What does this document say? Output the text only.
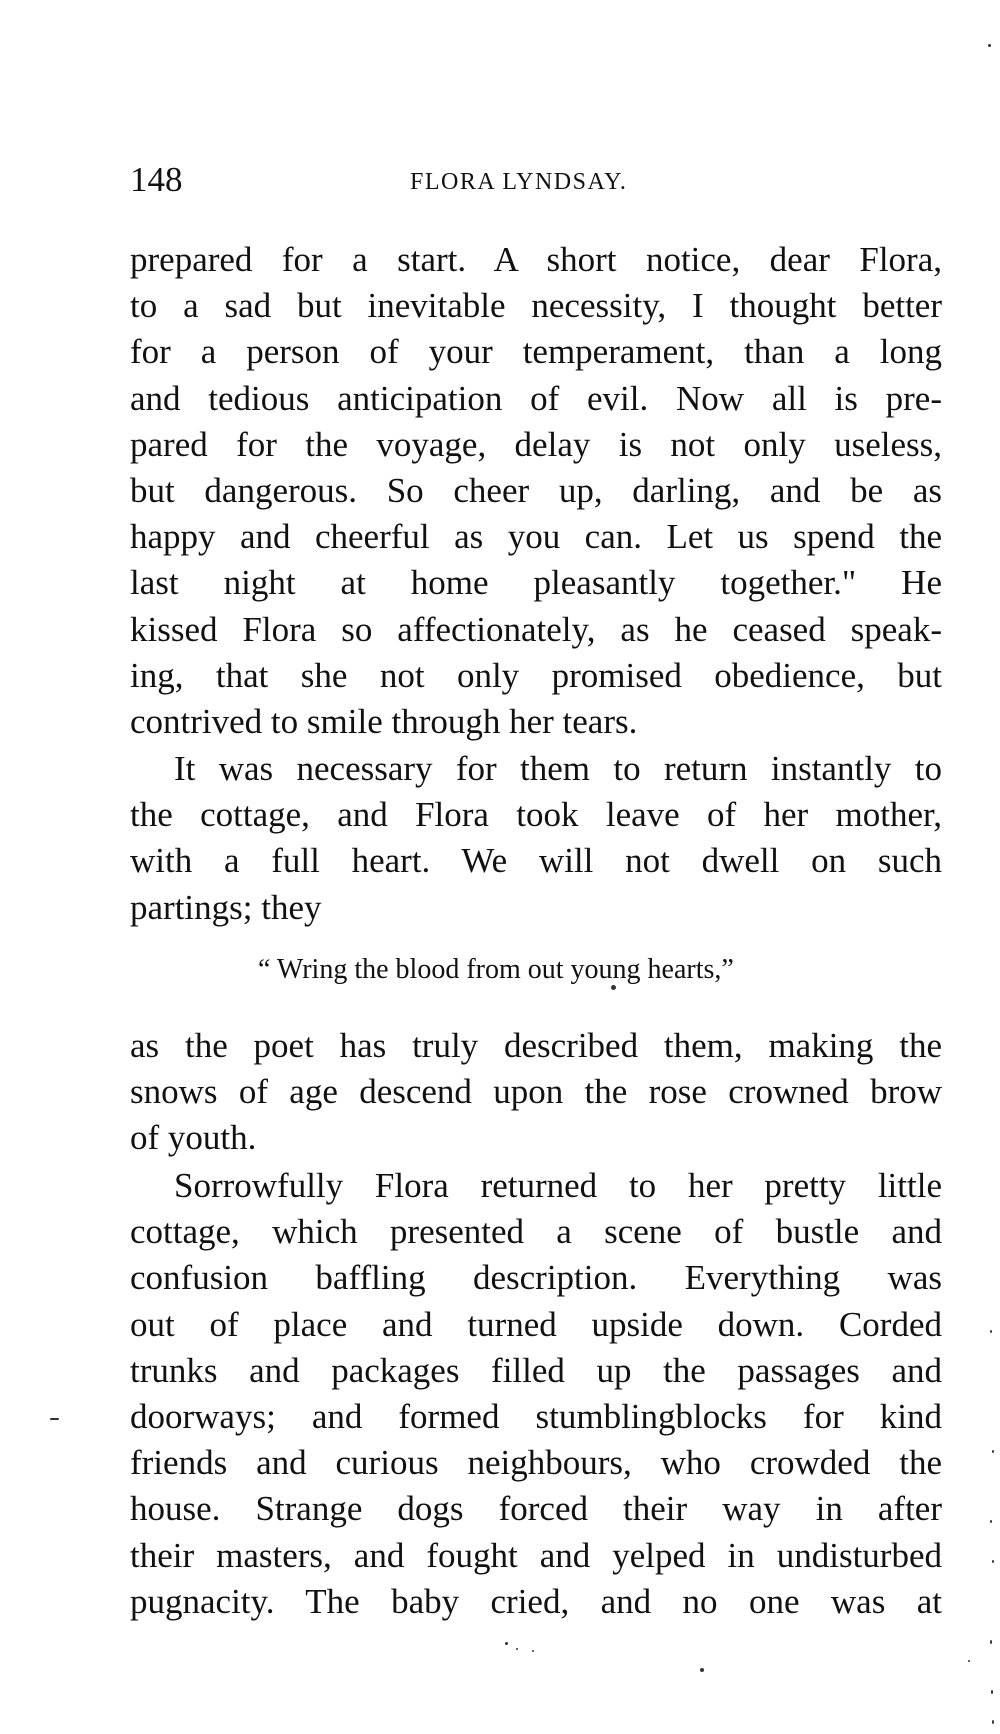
148	FLORA LYNDSAY.
prepared for a start. A short notice, dear Flora,
to a sad but inevitable necessity, I thought better
for a person of your temperament, than a long
and tedious anticipation of evil. Now all is pre-
pared for the voyage, delay is not only useless,
but dangerous. So cheer up, darling, and be as
happy and cheerful as you can. Let us spend the
last night at home pleasantly together." He
kissed Flora so affectionately, as he ceased speak-
ing, that she not only promised obedience, but
contrived to smile through her tears.
It was necessary for them to return instantly to
the cottage, and Flora took leave of her mother,
with a full heart. We will not dwell on such
partings; they
“ Wring the blood from out young hearts,”
as the poet has truly described them, making the
snows of age descend upon the rose crowned brow
of youth.
Sorrowfully Flora returned to her pretty little
cottage, which presented a scene of bustle and
confusion baffling description. Everything was
out of place and turned upside down. Corded
trunks and packages filled up the passages and
doorways; and formed stumblingblocks for kind
friends and curious neighbours, who crowded the
house. Strange dogs forced their way in after
their masters, and fought and yelped in undisturbed
pugnacity. The baby cried, and no one was at
